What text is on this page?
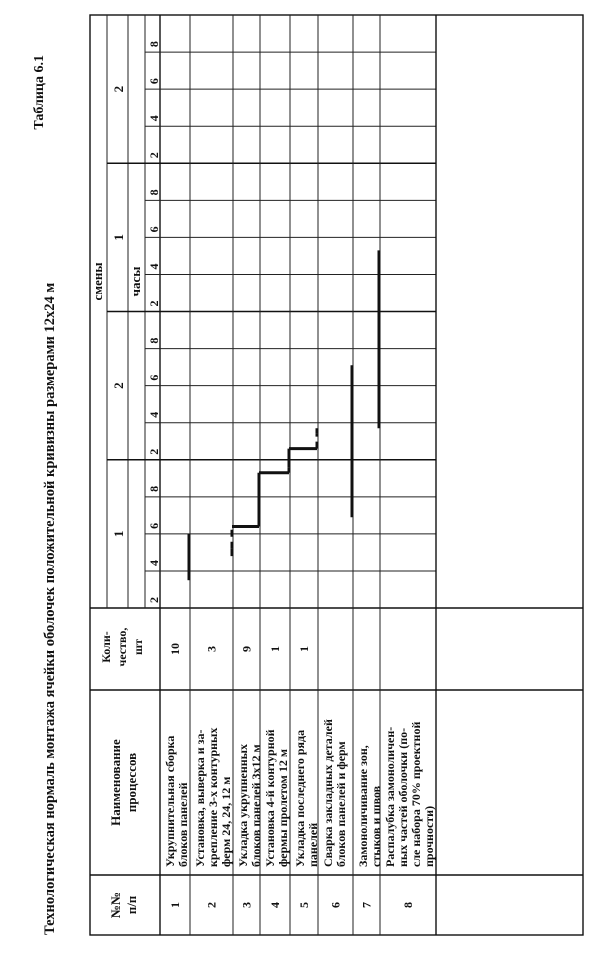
Таблица 6.1
Технологическая нормаль монтажа ячейки оболочек положительной кривизны размерами 12х24 м	№№п/п
Наименованиепроцессов
Коли- чество, шт
смены часы
1
2
1
2
2
4
6
8
2
4
6
8
2
4
6
8
2
4
6
8
1
Укрупнительная сборкаблоков панелей
10
2
Установка, выверка и за-крепление 3-х контурныхферм 24, 24, 12 м
3
3
Укладка укрупненныхблоков панелей 3х12 м
9
4
Установка 4-й контурнойфермы пролетом 12 м
1
5
Укладка последнего рядапанелей
1
6
Сварка закладных деталейблоков панелей и ферм
7
Замоноличивание зон,стыков и швов
8
Распалубка замоноличен-ных частей оболочки (по-сле набора 70% проектнойпрочности)
